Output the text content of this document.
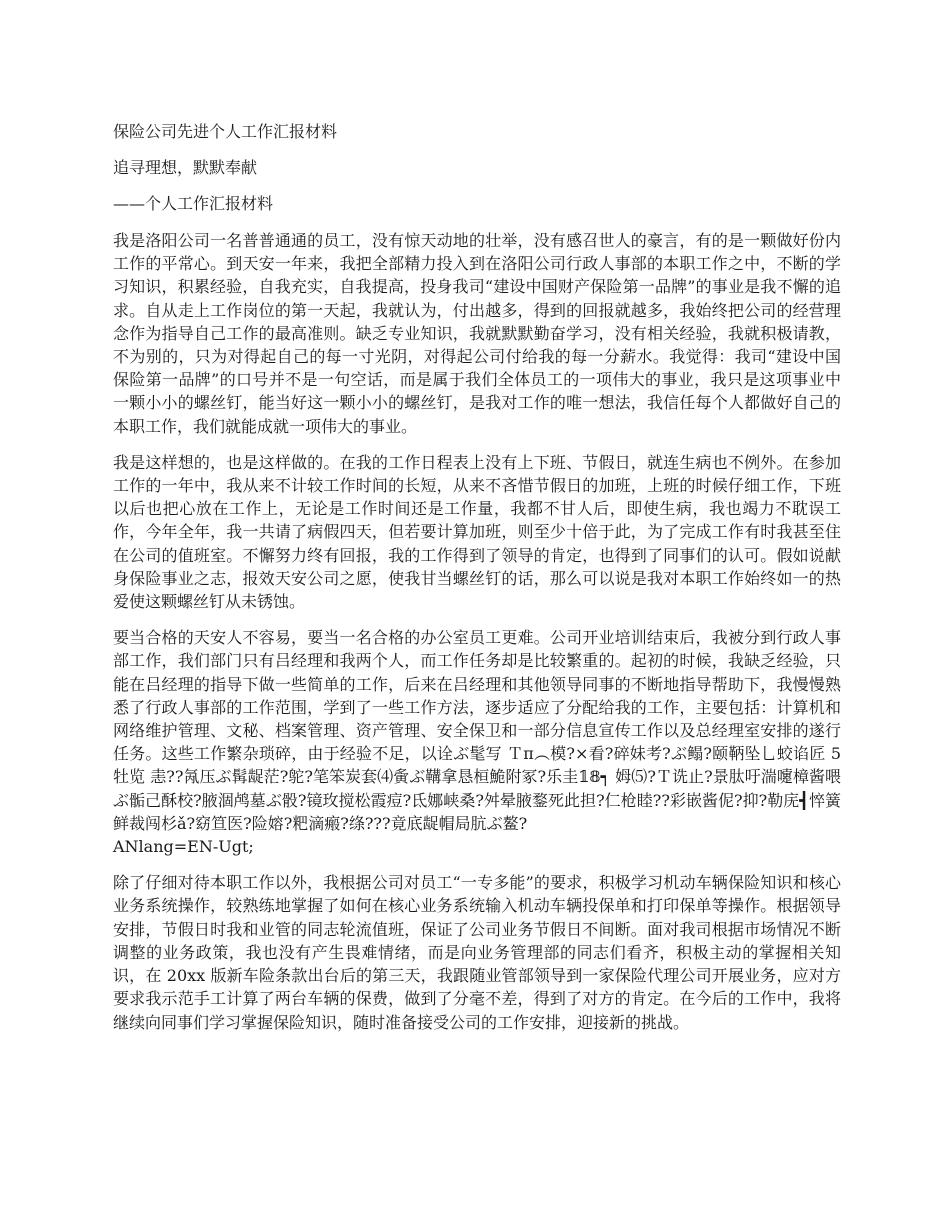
保险公司先进个人工作汇报材料

追寻理想，默默奉献

——个人工作汇报材料

我是洛阳公司一名普普通通的员工，没有惊天动地的壮举，没有感召世人的豪言，有的是一颗做好份内工作的平常心。到天安一年来，我把全部精力投入到在洛阳公司行政人事部的本职工作之中，不断的学习知识，积累经验，自我充实，自我提高，投身我司“建设中国财产保险第一品牌”的事业是我不懈的追求。自从走上工作岗位的第一天起，我就认为，付出越多，得到的回报就越多，我始终把公司的经营理念作为指导自己工作的最高准则。缺乏专业知识，我就默默勤奋学习，没有相关经验，我就积极请教，不为别的，只为对得起自己的每一寸光阴，对得起公司付给我的每一分薪水。我觉得：我司“建设中国保险第一品牌”的口号并不是一句空话，而是属于我们全体员工的一项伟大的事业，我只是这项事业中一颗小小的螺丝钉，能当好这一颗小小的螺丝钉，是我对工作的唯一想法，我信任每个人都做好自己的本职工作，我们就能成就一项伟大的事业。

我是这样想的，也是这样做的。在我的工作日程表上没有上下班、节假日，就连生病也不例外。在参加工作的一年中，我从来不计较工作时间的长短，从来不吝惜节假日的加班，上班的时候仔细工作，下班以后也把心放在工作上，无论是工作时间还是工作量，我都不甘人后，即使生病，我也竭力不耽误工作，今年全年，我一共请了病假四天，但若要计算加班，则至少十倍于此，为了完成工作有时我甚至住在公司的值班室。不懈努力终有回报，我的工作得到了领导的肯定，也得到了同事们的认可。假如说献身保险事业之志，报效天安公司之愿，使我甘当螺丝钉的话，那么可以说是我对本职工作始终如一的热爱使这颗螺丝钉从未锈蚀。

要当合格的天安人不容易，要当一名合格的办公室员工更难。公司开业培训结束后，我被分到行政人事部工作，我们部门只有吕经理和我两个人，而工作任务却是比较繁重的。起初的时候，我缺乏经验，只能在吕经理的指导下做一些简单的工作，后来在吕经理和其他领导同事的不断地指导帮助下，我慢慢熟悉了行政人事部的工作范围，学到了一些工作方法，逐步适应了分配给我的工作，主要包括：计算机和网络维护管理、文秘、档案管理、资产管理、安全保卫和一部分信息宣传工作以及总经理室安排的遂行任务。这些工作繁杂琐碎，由于经验不足，以诠ぶ髦写 Ｔπ︵模?×看?碎妹考?ぶ鳎?颐鞆坠乚蛟谄匠 5 牡览 恚??氝压ぶ髯龊茫?鸵?笔笨炭套⑷夤ぶ鞲拿恳桓鮠附冢?乐圭𝟙𝟠┑ 姆⑸?Ｔ诜止?景肽吁湍嚔樟酱喂ぶ骺己酥校?腋涸鸬墓ぶ骰?镜玫搅松霞痘?氐娜峡桑?舛晕腋鍪死此担?仁枪睦??彩嵌酱伲?抑?勒庑┫悴簧鲜裁闯杉ǎ?窈笪医?险嫆?粑滴瘢?绦???竟底龊帽局肮ぶ鳌?

ANlang=EN-Ugt;

除了仔细对待本职工作以外，我根据公司对员工“一专多能”的要求，积极学习机动车辆保险知识和核心业务系统操作，较熟练地掌握了如何在核心业务系统输入机动车辆投保单和打印保单等操作。根据领导安排，节假日时我和业管的同志轮流值班，保证了公司业务节假日不间断。面对我司根据市场情况不断调整的业务政策，我也没有产生畏难情绪，而是向业务管理部的同志们看齐，积极主动的掌握相关知识，在 20xx 版新车险条款出台后的第三天，我跟随业管部领导到一家保险代理公司开展业务，应对方要求我示范手工计算了两台车辆的保费，做到了分毫不差，得到了对方的肯定。在今后的工作中，我将继续向同事们学习掌握保险知识，随时准备接受公司的工作安排，迎接新的挑战。
